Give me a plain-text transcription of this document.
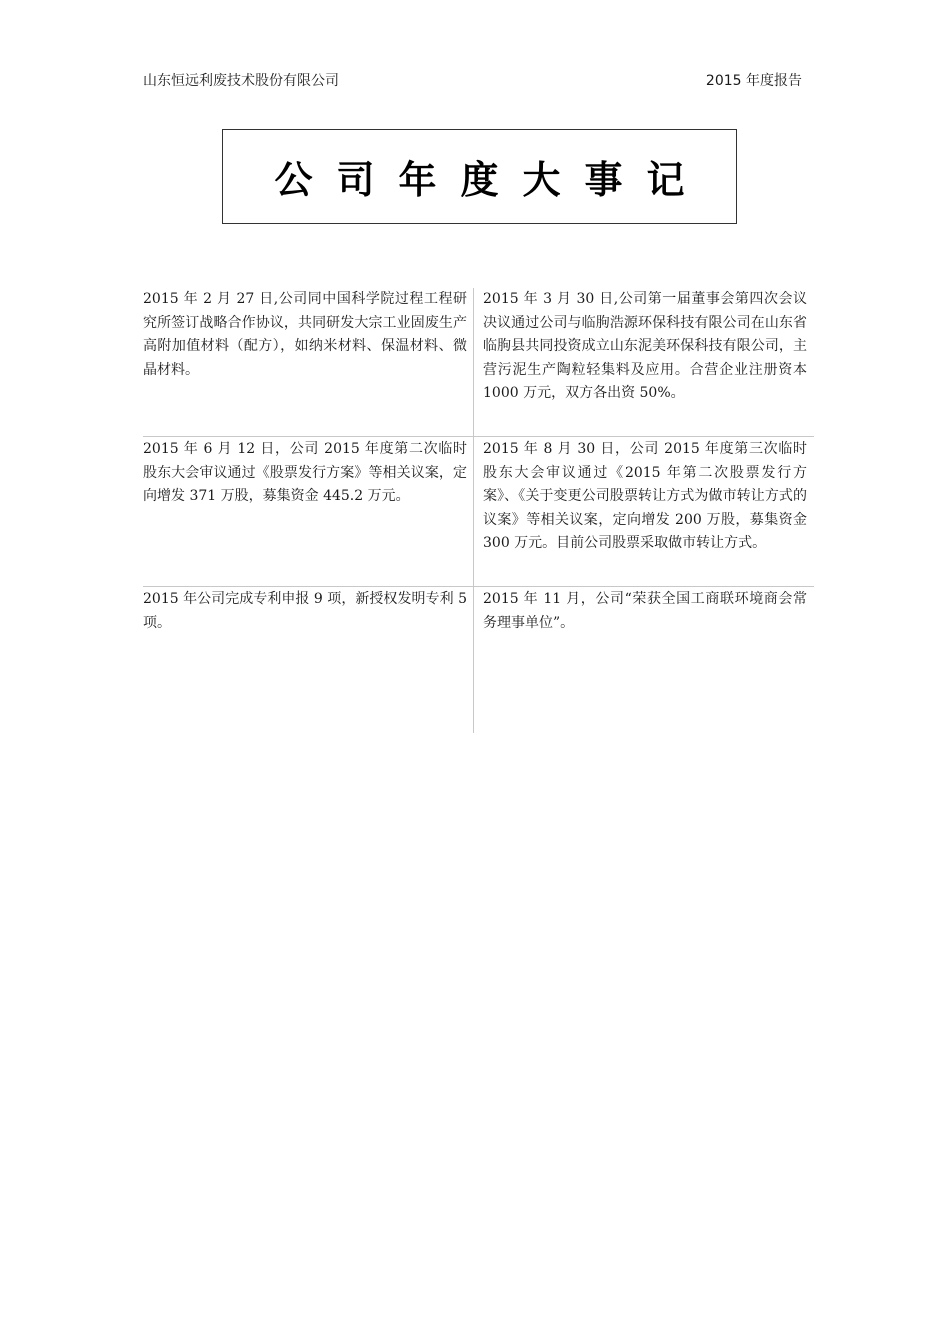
山东恒远利废技术股份有限公司	2015 年度报告
公司年度大事记
2015 年 2 月 27 日,公司同中国科学院过程工程研究所签订战略合作协议，共同研发大宗工业固废生产高附加值材料（配方），如纳米材料、保温材料、微晶材料。
2015 年 3 月 30 日,公司第一届董事会第四次会议决议通过公司与临朐浩源环保科技有限公司在山东省临朐县共同投资成立山东泥美环保科技有限公司，主营污泥生产陶粒轻集料及应用。合营企业注册资本 1000 万元，双方各出资 50%。
2015 年 6 月 12 日，公司 2015 年度第二次临时股东大会审议通过《股票发行方案》等相关议案，定向增发 371 万股，募集资金 445.2 万元。
2015 年 8 月 30 日，公司 2015 年度第三次临时股东大会审议通过《2015 年第二次股票发行方案》、《关于变更公司股票转让方式为做市转让方式的议案》等相关议案，定向增发 200 万股，募集资金 300 万元。目前公司股票采取做市转让方式。
2015 年公司完成专利申报 9 项，新授权发明专利 5 项。
2015 年 11 月，公司“荣获全国工商联环境商会常务理事单位”。
